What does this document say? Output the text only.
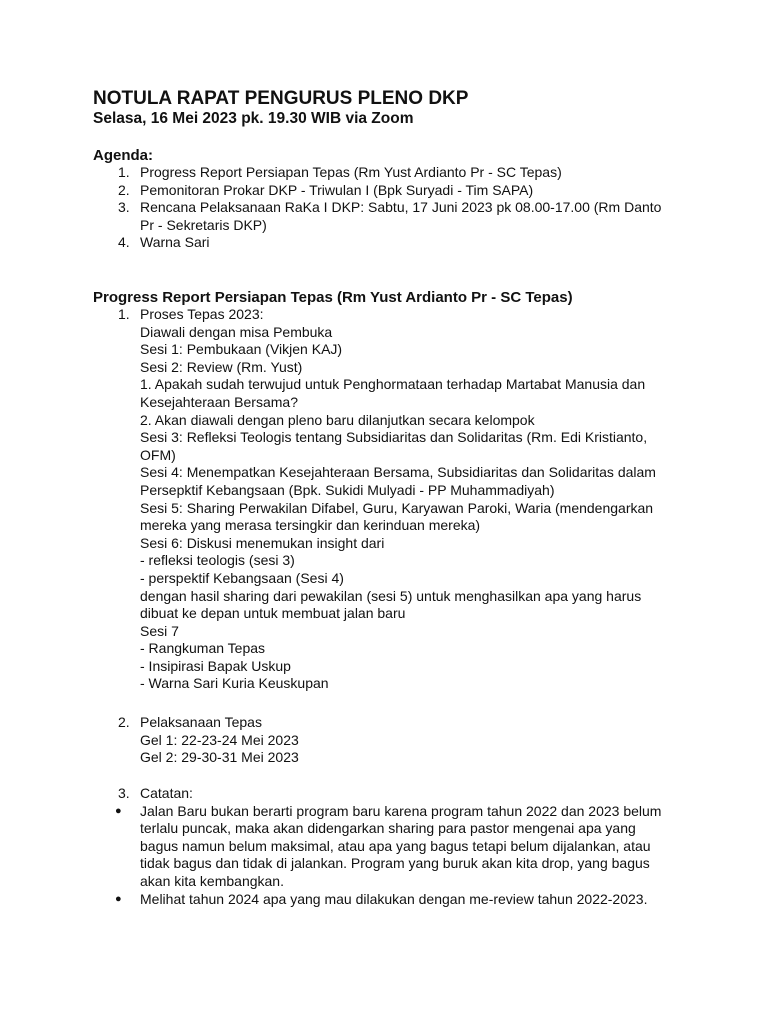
NOTULA RAPAT PENGURUS PLENO DKP
Selasa, 16 Mei 2023 pk. 19.30 WIB via Zoom
Agenda:
1. Progress Report Persiapan Tepas (Rm Yust Ardianto Pr - SC Tepas)
2. Pemonitoran Prokar DKP - Triwulan I (Bpk Suryadi - Tim SAPA)
3. Rencana Pelaksanaan RaKa I DKP: Sabtu, 17 Juni 2023 pk 08.00-17.00 (Rm Danto
Pr - Sekretaris DKP)
4. Warna Sari
Progress Report Persiapan Tepas (Rm Yust Ardianto Pr - SC Tepas)
1. Proses Tepas 2023:
Diawali dengan misa Pembuka
Sesi 1: Pembukaan (Vikjen KAJ)
Sesi 2: Review (Rm. Yust)
1. Apakah sudah terwujud untuk Penghormataan terhadap Martabat Manusia dan
Kesejahteraan Bersama?
2. Akan diawali dengan pleno baru dilanjutkan secara kelompok
Sesi 3: Refleksi Teologis tentang Subsidiaritas dan Solidaritas (Rm. Edi Kristianto,
OFM)
Sesi 4: Menempatkan Kesejahteraan Bersama, Subsidiaritas dan Solidaritas dalam
Persepktif Kebangsaan (Bpk. Sukidi Mulyadi - PP Muhammadiyah)
Sesi 5: Sharing Perwakilan Difabel, Guru, Karyawan Paroki, Waria (mendengarkan
mereka yang merasa tersingkir dan kerinduan mereka)
Sesi 6: Diskusi menemukan insight dari
- refleksi teologis (sesi 3)
- perspektif Kebangsaan (Sesi 4)
dengan hasil sharing dari pewakilan (sesi 5) untuk menghasilkan apa yang harus
dibuat ke depan untuk membuat jalan baru
Sesi 7
- Rangkuman Tepas
- Insipirasi Bapak Uskup
- Warna Sari Kuria Keuskupan
2. Pelaksanaan Tepas
Gel 1: 22-23-24 Mei 2023
Gel 2: 29-30-31 Mei 2023
3. Catatan:
●	Jalan Baru bukan berarti program baru karena program tahun 2022 dan 2023 belum
terlalu puncak, maka akan didengarkan sharing para pastor mengenai apa yang
bagus namun belum maksimal, atau apa yang bagus tetapi belum dijalankan, atau
tidak bagus dan tidak di jalankan. Program yang buruk akan kita drop, yang bagus
akan kita kembangkan.
●	Melihat tahun 2024 apa yang mau dilakukan dengan me-review tahun 2022-2023.
